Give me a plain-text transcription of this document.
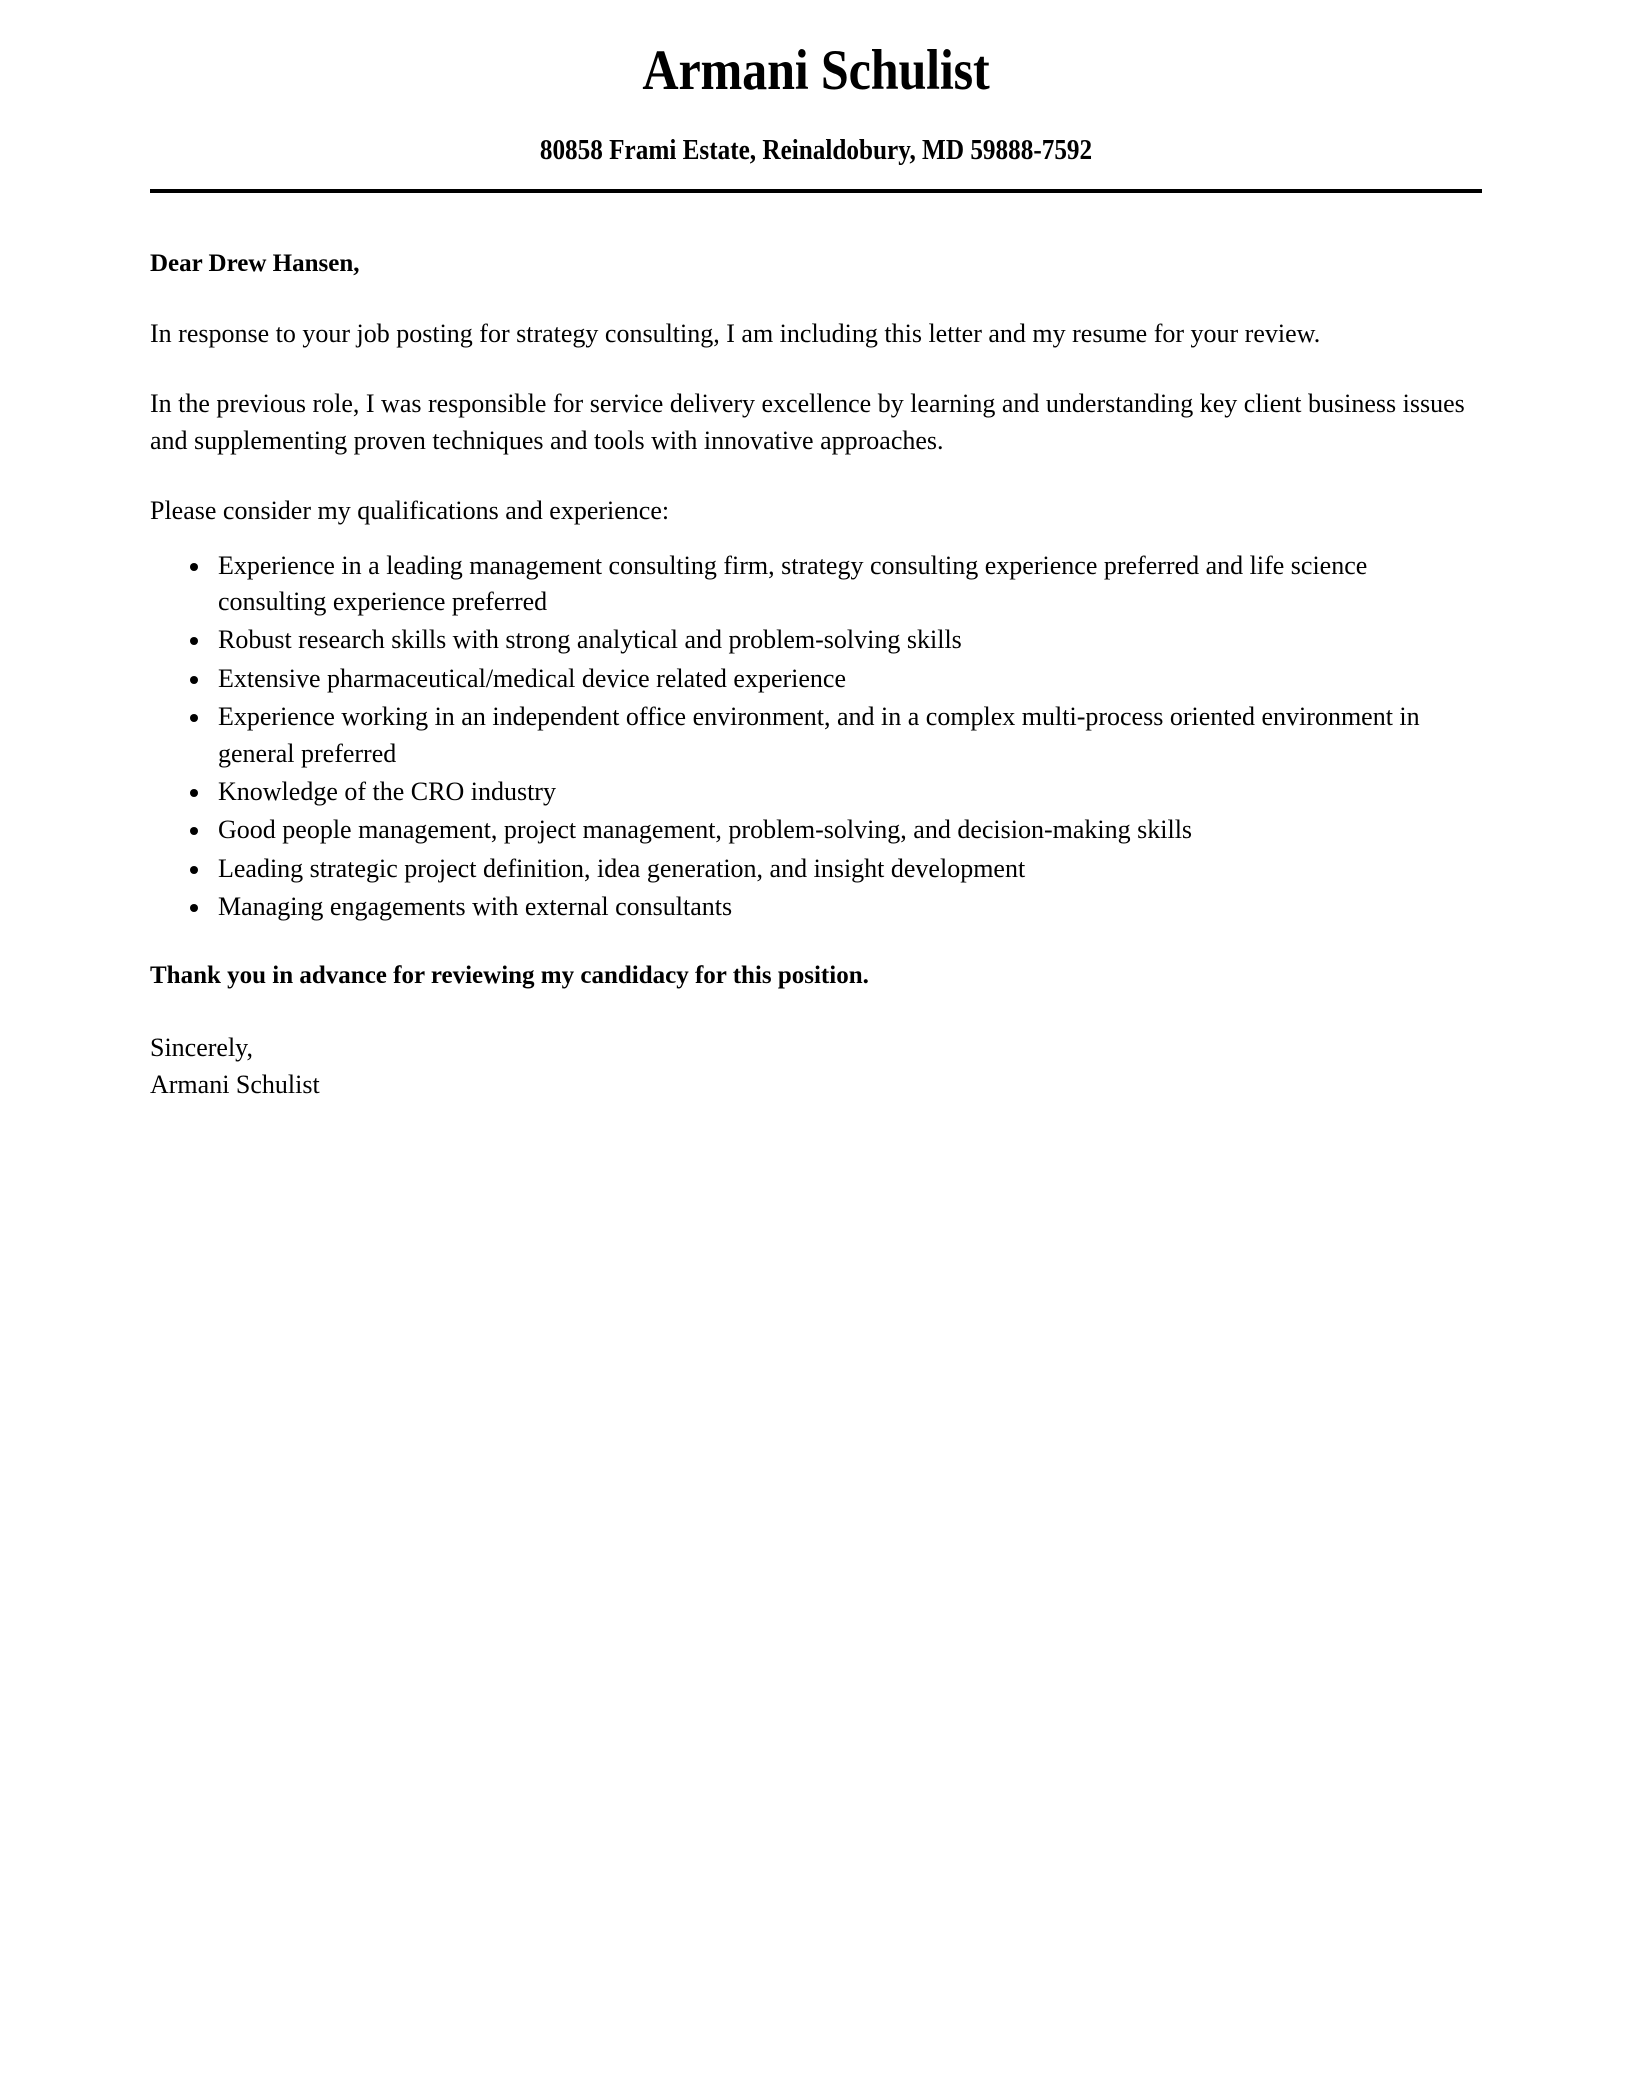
Armani Schulist
80858 Frami Estate, Reinaldobury, MD 59888-7592

Dear Drew Hansen,

In response to your job posting for strategy consulting, I am including this letter and my resume for your review.

In the previous role, I was responsible for service delivery excellence by learning and understanding key client business issues and supplementing proven techniques and tools with innovative approaches.

Please consider my qualifications and experience:

• Experience in a leading management consulting firm, strategy consulting experience preferred and life science consulting experience preferred
• Robust research skills with strong analytical and problem-solving skills
• Extensive pharmaceutical/medical device related experience
• Experience working in an independent office environment, and in a complex multi-process oriented environment in general preferred
• Knowledge of the CRO industry
• Good people management, project management, problem-solving, and decision-making skills
• Leading strategic project definition, idea generation, and insight development
• Managing engagements with external consultants

Thank you in advance for reviewing my candidacy for this position.

Sincerely,
Armani Schulist
